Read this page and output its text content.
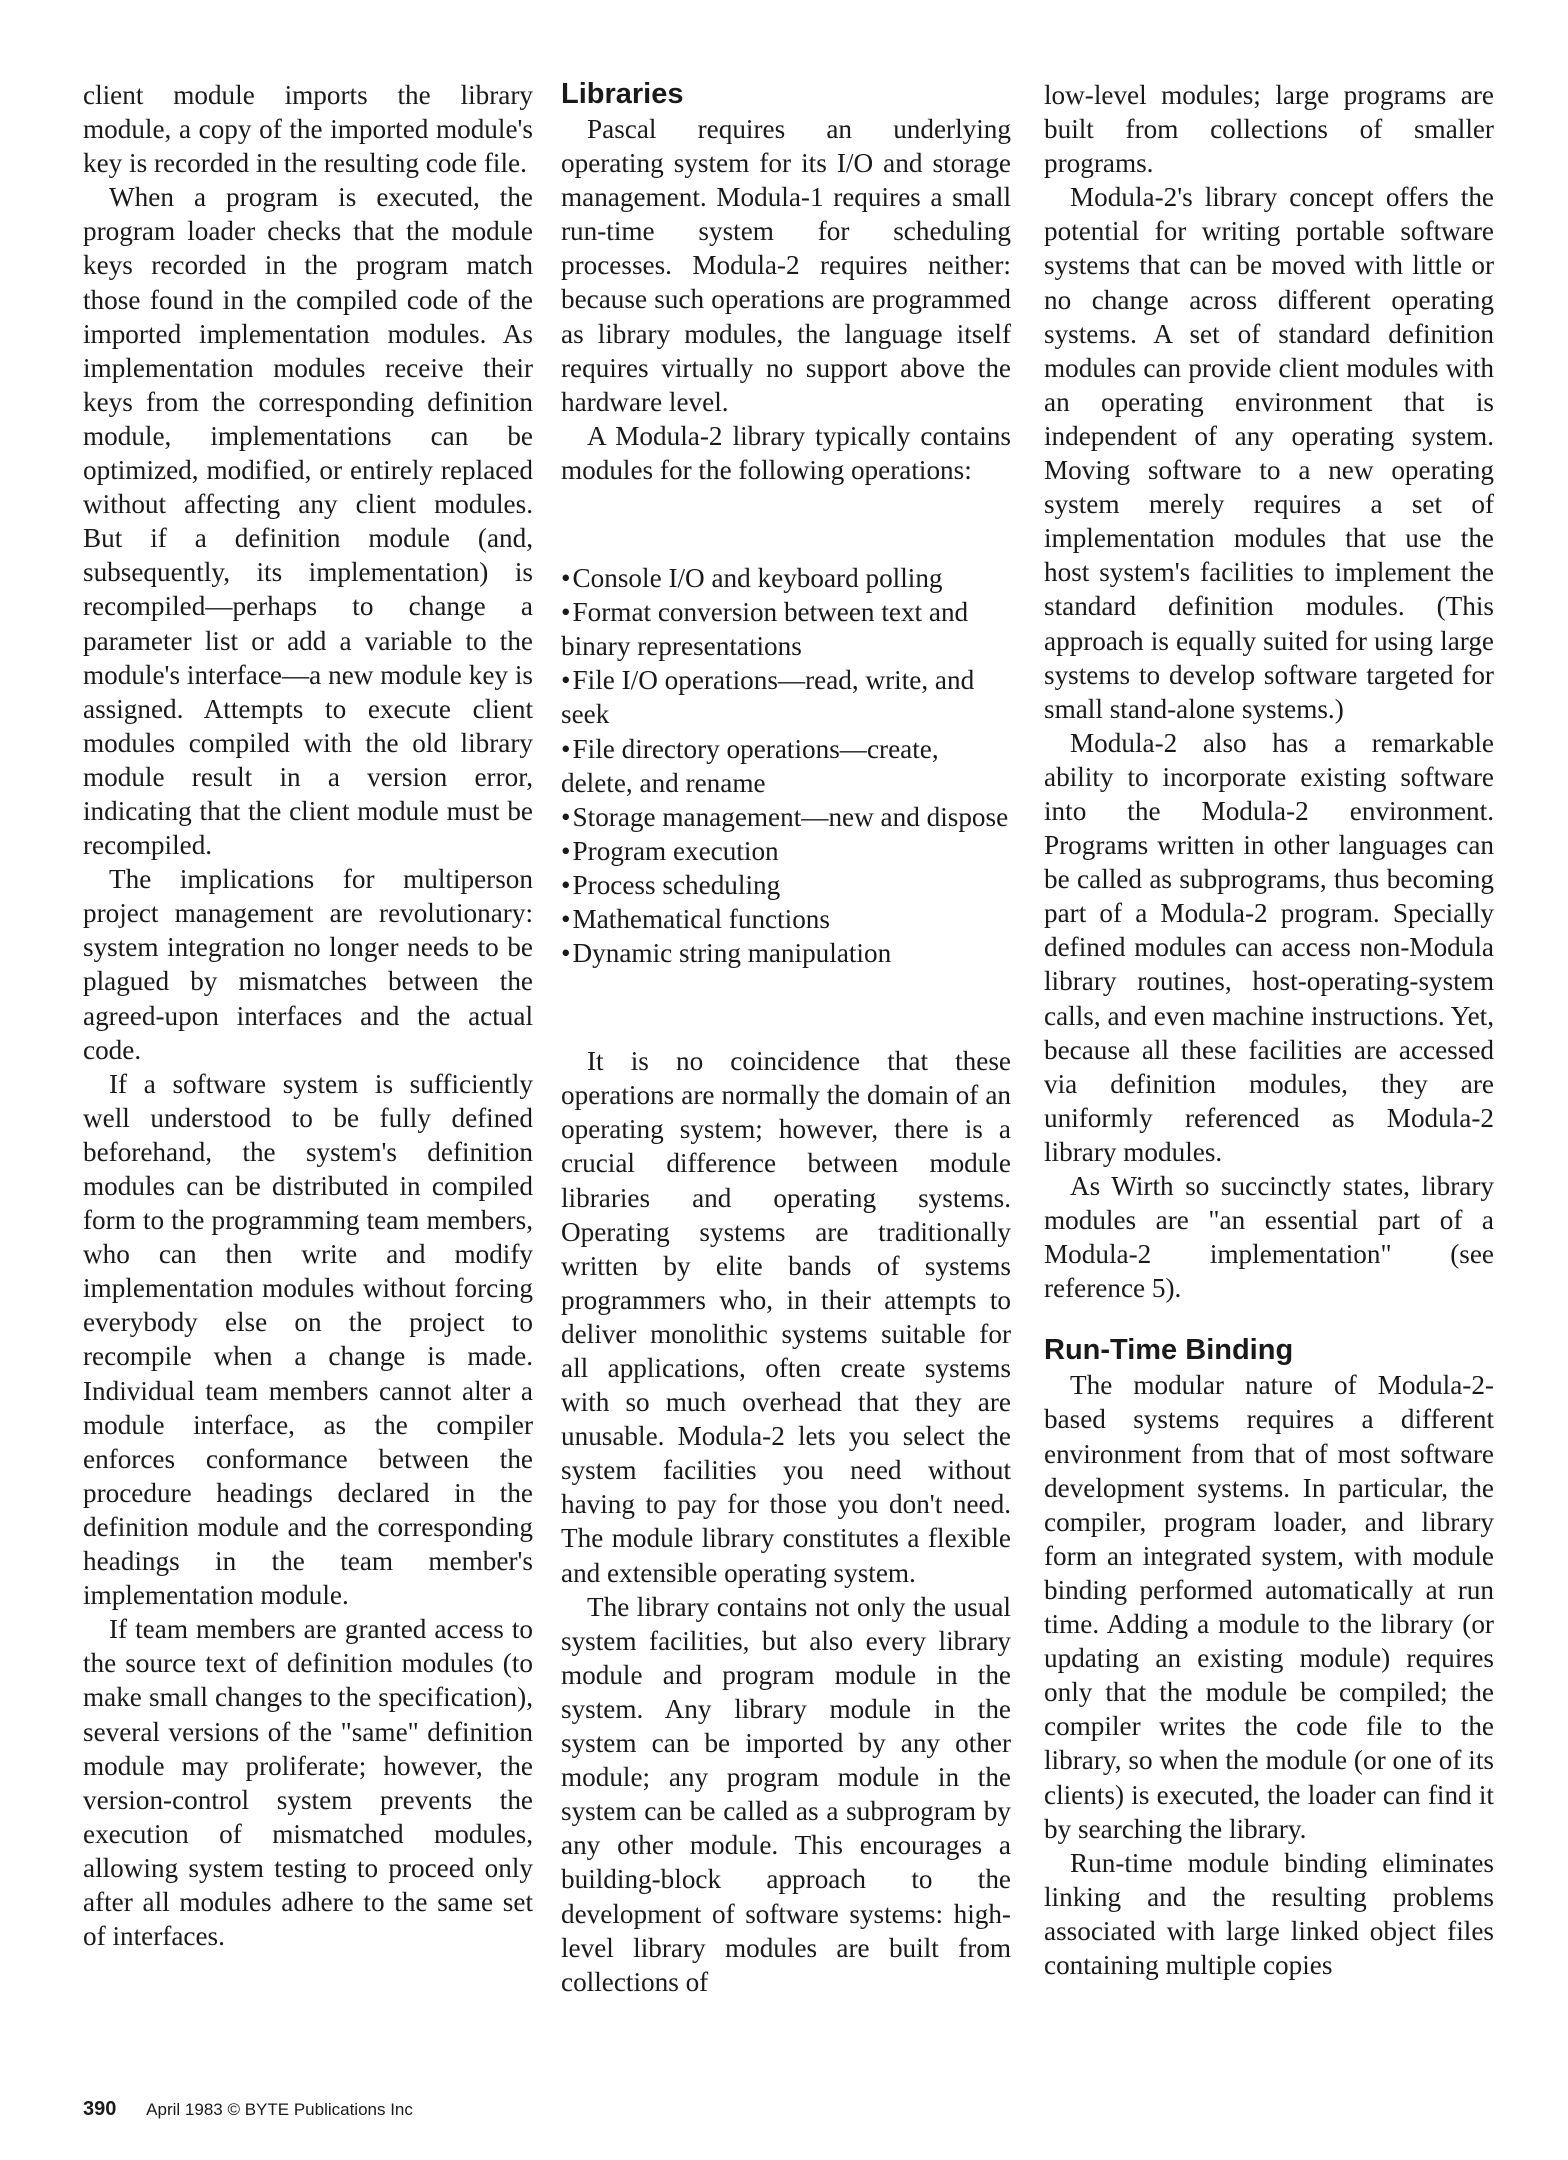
client module imports the library module, a copy of the imported module's key is recorded in the resulting code file.

When a program is executed, the program loader checks that the module keys recorded in the program match those found in the compiled code of the imported implementation modules. As implementation modules receive their keys from the corresponding definition module, implementations can be optimized, modified, or entirely replaced without affecting any client modules. But if a definition module (and, subsequently, its implementation) is recompiled—perhaps to change a parameter list or add a variable to the module's interface—a new module key is assigned. Attempts to execute client modules compiled with the old library module result in a version error, indicating that the client module must be recompiled.

The implications for multiperson project management are revolutionary: system integration no longer needs to be plagued by mismatches between the agreed-upon interfaces and the actual code.

If a software system is sufficiently well understood to be fully defined beforehand, the system's definition modules can be distributed in compiled form to the programming team members, who can then write and modify implementation modules without forcing everybody else on the project to recompile when a change is made. Individual team members cannot alter a module interface, as the compiler enforces conformance between the procedure headings declared in the definition module and the corresponding headings in the team member's implementation module.

If team members are granted access to the source text of definition modules (to make small changes to the specification), several versions of the "same" definition module may proliferate; however, the version-control system prevents the execution of mismatched modules, allowing system testing to proceed only after all modules adhere to the same set of interfaces.

Libraries

Pascal requires an underlying operating system for its I/O and storage management. Modula-1 requires a small run-time system for scheduling processes. Modula-2 requires neither: because such operations are programmed as library modules, the language itself requires virtually no support above the hardware level.

A Modula-2 library typically contains modules for the following operations:

• Console I/O and keyboard polling
• Format conversion between text and binary representations
• File I/O operations—read, write, and seek
• File directory operations—create, delete, and rename
• Storage management—new and dispose
• Program execution
• Process scheduling
• Mathematical functions
• Dynamic string manipulation

It is no coincidence that these operations are normally the domain of an operating system; however, there is a crucial difference between module libraries and operating systems. Operating systems are traditionally written by elite bands of systems programmers who, in their attempts to deliver monolithic systems suitable for all applications, often create systems with so much overhead that they are unusable. Modula-2 lets you select the system facilities you need without having to pay for those you don't need. The module library constitutes a flexible and extensible operating system.

The library contains not only the usual system facilities, but also every library module and program module in the system. Any library module in the system can be imported by any other module; any program module in the system can be called as a subprogram by any other module. This encourages a building-block approach to the development of software systems: high-level library modules are built from collections of

low-level modules; large programs are built from collections of smaller programs.

Modula-2's library concept offers the potential for writing portable software systems that can be moved with little or no change across different operating systems. A set of standard definition modules can provide client modules with an operating environment that is independent of any operating system. Moving software to a new operating system merely requires a set of implementation modules that use the host system's facilities to implement the standard definition modules. (This approach is equally suited for using large systems to develop software targeted for small stand-alone systems.)

Modula-2 also has a remarkable ability to incorporate existing software into the Modula-2 environment. Programs written in other languages can be called as subprograms, thus becoming part of a Modula-2 program. Specially defined modules can access non-Modula library routines, host-operating-system calls, and even machine instructions. Yet, because all these facilities are accessed via definition modules, they are uniformly referenced as Modula-2 library modules.

As Wirth so succinctly states, library modules are "an essential part of a Modula-2 implementation" (see reference 5).

Run-Time Binding

The modular nature of Modula-2-based systems requires a different environment from that of most software development systems. In particular, the compiler, program loader, and library form an integrated system, with module binding performed automatically at run time. Adding a module to the library (or updating an existing module) requires only that the module be compiled; the compiler writes the code file to the library, so when the module (or one of its clients) is executed, the loader can find it by searching the library.

Run-time module binding eliminates linking and the resulting problems associated with large linked object files containing multiple copies

390 April 1983 © BYTE Publications Inc
